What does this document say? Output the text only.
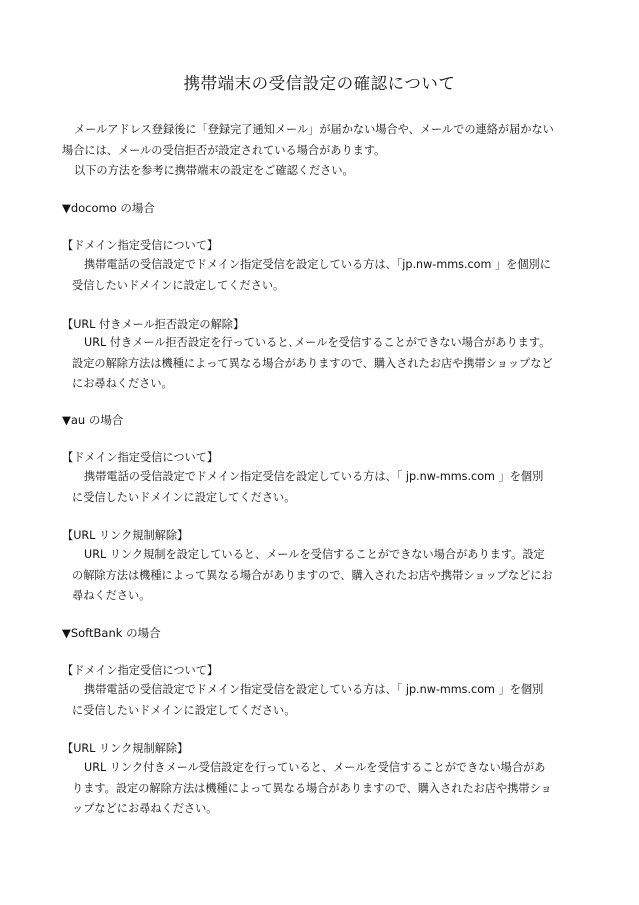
携帯端末の受信設定の確認について
メールアドレス登録後に「登録完了通知メール」が届かない場合や、メールでの連絡が届かない
場合には、メールの受信拒否が設定されている場合があります。
以下の方法を参考に携帯端末の設定をご確認ください。
▼docomo の場合
【ドメイン指定受信について】
携帯電話の受信設定でドメイン指定受信を設定している方は、「jp.nw-mms.com 」を個別に
受信したいドメインに設定してください。
【URL 付きメール拒否設定の解除】
URL 付きメール拒否設定を行っていると､メールを受信することができない場合があります。
設定の解除方法は機種によって異なる場合がありますので、購入されたお店や携帯ショップなど
にお尋ねください。
▼au の場合
【ドメイン指定受信について】
携帯電話の受信設定でドメイン指定受信を設定している方は、「 jp.nw-mms.com 」を個別
に受信したいドメインに設定してください。
【URL リンク規制解除】
URL リンク規制を設定していると、メールを受信することができない場合があります。設定
の解除方法は機種によって異なる場合がありますので、購入されたお店や携帯ショップなどにお
尋ねください。
▼SoftBank の場合
【ドメイン指定受信について】
携帯電話の受信設定でドメイン指定受信を設定している方は、「 jp.nw-mms.com 」を個別
に受信したいドメインに設定してください。
【URL リンク規制解除】
URL リンク付きメール受信設定を行っていると、メールを受信することができない場合があ
ります。設定の解除方法は機種によって異なる場合がありますので、購入されたお店や携帯ショ
ップなどにお尋ねください。
